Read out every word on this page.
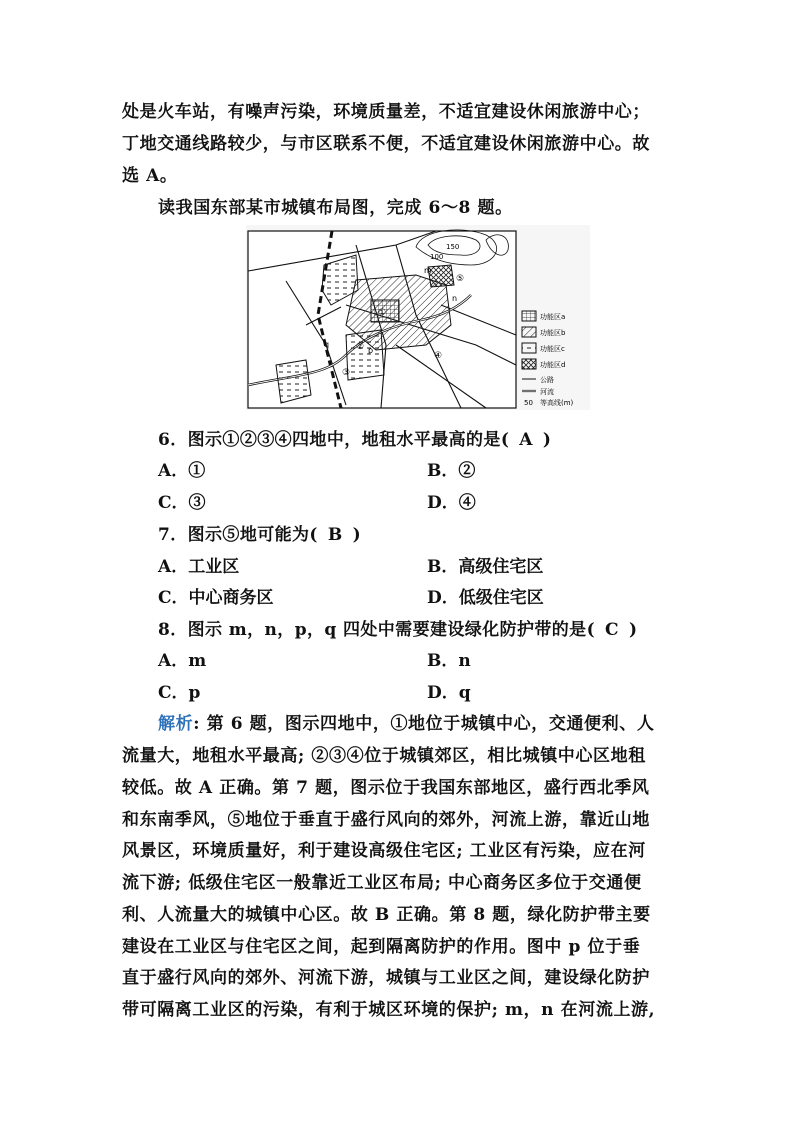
处是火车站，有噪声污染，环境质量差，不适宜建设休闲旅游中心；
丁地交通线路较少，与市区联系不便，不适宜建设休闲旅游中心。故
选 A。
读我国东部某市城镇布局图，完成 6～8 题。
150
100
m
n
p
q
①
②
③
④
⑤
功能区a
功能区b
功能区c
功能区d
公路
河流
50 等高线(m)
6．图示①②③④四地中，地租水平最高的是( A )
A．①	B．②
C．③	D．④
7．图示⑤地可能为( B )
A．工业区	B．高级住宅区
C．中心商务区	D．低级住宅区
8．图示 m，n，p，q 四处中需要建设绿化防护带的是( C )
A．m	B．n
C．p	D．q
解析: 第 6 题，图示四地中，①地位于城镇中心，交通便利、人
流量大，地租水平最高; ②③④位于城镇郊区，相比城镇中心区地租
较低。故 A 正确。第 7 题，图示位于我国东部地区，盛行西北季风
和东南季风，⑤地位于垂直于盛行风向的郊外，河流上游，靠近山地
风景区，环境质量好，利于建设高级住宅区; 工业区有污染，应在河
流下游; 低级住宅区一般靠近工业区布局; 中心商务区多位于交通便
利、人流量大的城镇中心区。故 B 正确。第 8 题，绿化防护带主要
建设在工业区与住宅区之间，起到隔离防护的作用。图中 p 位于垂
直于盛行风向的郊外、河流下游，城镇与工业区之间，建设绿化防护
带可隔离工业区的污染，有利于城区环境的保护; m，n 在河流上游,
